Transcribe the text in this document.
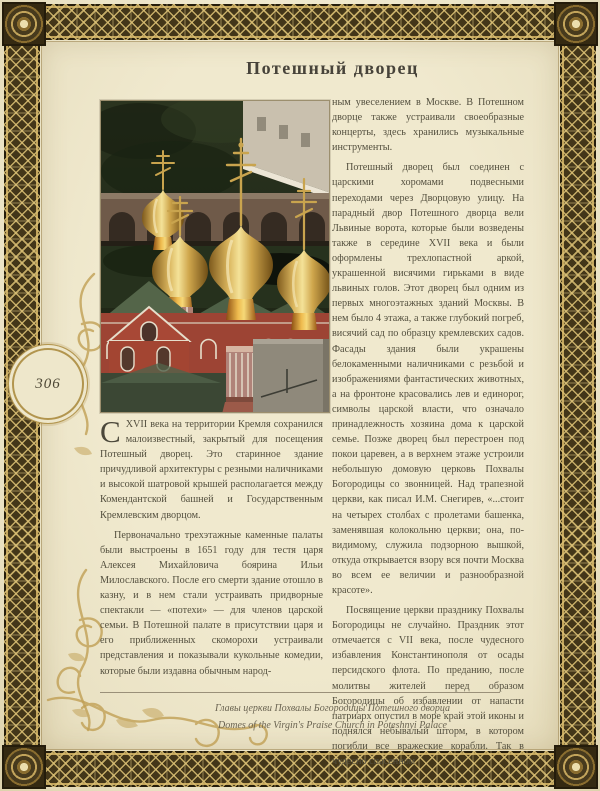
306
Потешный дворец

ным увеселением в Москве. В Потешном дворце также устраивали своеобразные концерты, здесь хранились музыкальные инструменты.

Потешный дворец был соединен с царскими хоромами подвесными переходами через Дворцовую улицу. На парадный двор Потешного дворца вели Львиные ворота, которые были возведены также в середине XVII века и были оформлены трехлопастной аркой, украшенной висячими гирьками в виде львиных голов. Этот дворец был одним из первых многоэтажных зданий Москвы. В нем было 4 этажа, а также глубокий погреб, висячий сад по образцу кремлевских садов. Фасады здания были украшены белокаменными наличниками с резьбой и изображениями фантастических животных, а на фронтоне красовались лев и единорог, символы царской власти, что означало принадлежность хозяина дома к царской семье. Позже дворец был перестроен под покои царевен, а в верхнем этаже устроили небольшую домовую церковь Похвалы Богородицы со звонницей. Над трапезной церкви, как писал И.М. Снегирев, «...стоит на четырех столбах с пролетами башенка, заменявшая колокольню церкви; она, по-видимому, служила подзорною вышкой, откуда открывается взору вся почти Москва во всем ее величии и разнообразной красоте».

Посвящение церкви празднику Похвалы Богородицы не случайно. Праздник этот отмечается с VII века, после чудесного избавления Константинополя от осады персидского флота. По преданию, после молитвы жителей перед образом Богородицы об избавлении от напасти патриарх опустил в море край этой иконы и поднялся небывалый шторм, в котором погибли все вражеские корабли. Так в чудесно спасенном

СXVII века на территории Кремля сохранился малоизвестный, закрытый для посещения Потешный дворец. Это старинное здание причудливой архитектуры с резными наличниками и высокой шатровой крышей располагается между Комендантской башней и Государственным Кремлевским дворцом.

Первоначально трехэтажные каменные палаты были выстроены в 1651 году для тестя царя Алексея Михайловича боярина Ильи Милославского. После его смерти здание отошло в казну, и в нем стали устраивать придворные спектакли — «потехи» — для членов царской семьи. В Потешной палате в присутствии царя и его приближенных скоморохи устраивали представления и показывали кукольные комедии, которые были издавна обычным народ-

Главы церкви Похвалы Богородицы Потешного дворца
Domes of the Virgin's Praise Church in Poteshnyi Palace
